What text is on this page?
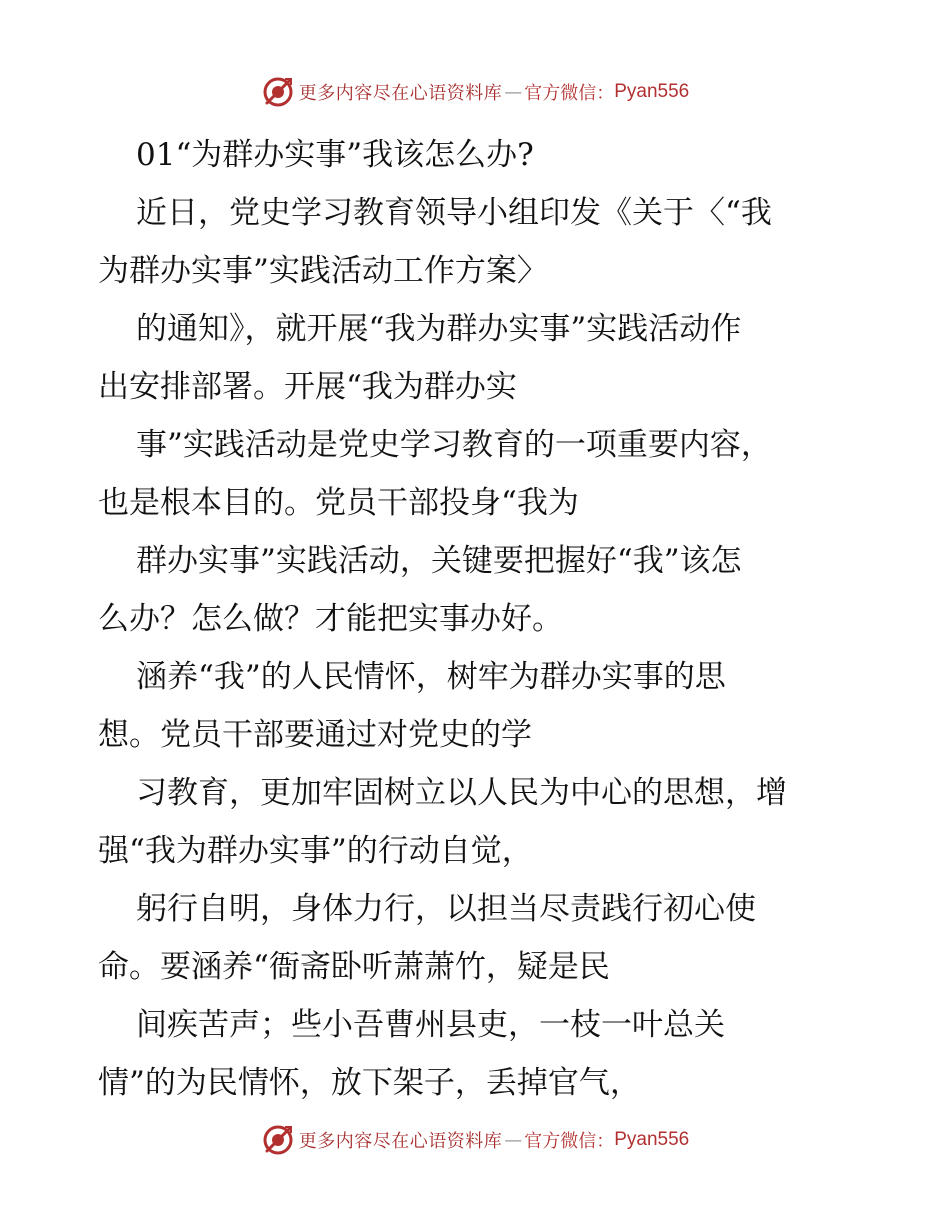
更多内容尽在心语资料库 — 官方微信： Pyan556
01“为群办实事”我该怎么办?
近日，党史学习教育领导小组印发《关于〈“我
为群办实事”实践活动工作方案〉
的通知》，就开展“我为群办实事”实践活动作
出安排部署。开展“我为群办实
事”实践活动是党史学习教育的一项重要内容，
也是根本目的。党员干部投身“我为
群办实事”实践活动，关键要把握好“我”该怎
么办？怎么做？才能把实事办好。
涵养“我”的人民情怀，树牢为群办实事的思
想。党员干部要通过对党史的学
习教育，更加牢固树立以人民为中心的思想，增
强“我为群办实事”的行动自觉，
躬行自明，身体力行，以担当尽责践行初心使
命。要涵养“衙斋卧听萧萧竹，疑是民
间疾苦声；些小吾曹州县吏，一枝一叶总关
情”的为民情怀，放下架子，丢掉官气，
更多内容尽在心语资料库 — 官方微信： Pyan556
